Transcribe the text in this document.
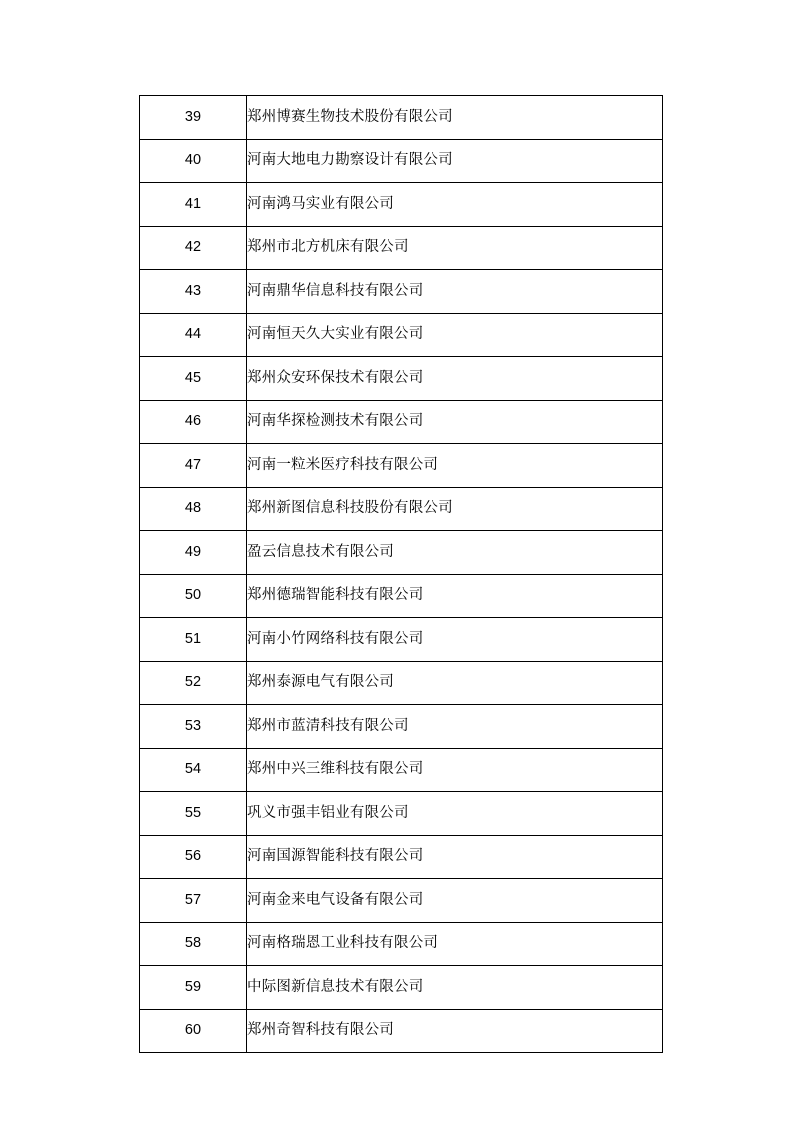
39	郑州博赛生物技术股份有限公司
40	河南大地电力勘察设计有限公司
41	河南鸿马实业有限公司
42	郑州市北方机床有限公司
43	河南鼎华信息科技有限公司
44	河南恒天久大实业有限公司
45	郑州众安环保技术有限公司
46	河南华探检测技术有限公司
47	河南一粒米医疗科技有限公司
48	郑州新图信息科技股份有限公司
49	盈云信息技术有限公司
50	郑州德瑞智能科技有限公司
51	河南小竹网络科技有限公司
52	郑州泰源电气有限公司
53	郑州市蓝清科技有限公司
54	郑州中兴三维科技有限公司
55	巩义市强丰铝业有限公司
56	河南国源智能科技有限公司
57	河南金来电气设备有限公司
58	河南格瑞恩工业科技有限公司
59	中际图新信息技术有限公司
60	郑州奇智科技有限公司
